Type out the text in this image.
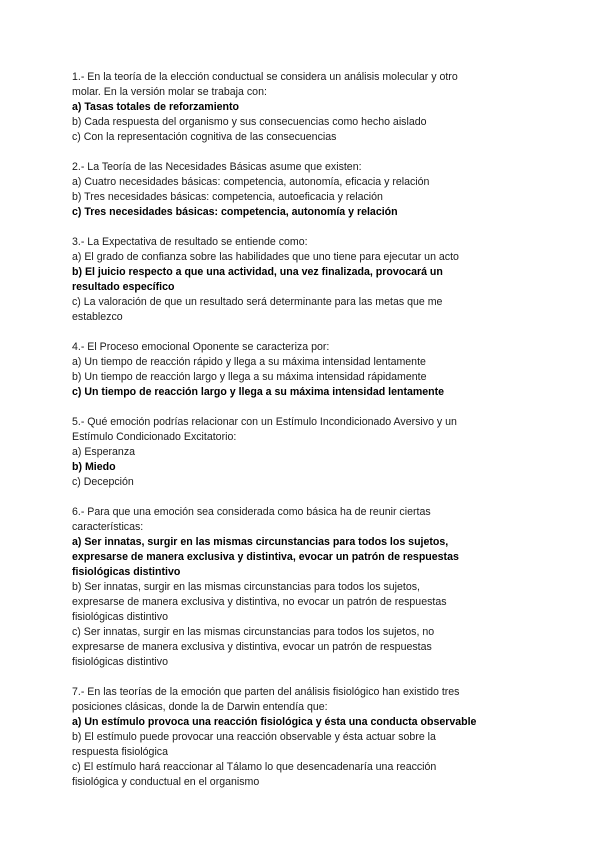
1.- En la teoría de la elección conductual se considera un análisis molecular y otro
molar. En la versión molar se trabaja con:
a) Tasas totales de reforzamiento
b) Cada respuesta del organismo y sus consecuencias como hecho aislado
c) Con la representación cognitiva de las consecuencias
2.- La Teoría de las Necesidades Básicas asume que existen:
a) Cuatro necesidades básicas: competencia, autonomía, eficacia y relación
b) Tres necesidades básicas: competencia, autoeficacia y relación
c) Tres necesidades básicas: competencia, autonomía y relación
3.- La Expectativa de resultado se entiende como:
a) El grado de confianza sobre las habilidades que uno tiene para ejecutar un acto
b) El juicio respecto a que una actividad, una vez finalizada, provocará un
resultado específico
c) La valoración de que un resultado será determinante para las metas que me
establezco
4.- El Proceso emocional Oponente se caracteriza por:
a) Un tiempo de reacción rápido y llega a su máxima intensidad lentamente
b) Un tiempo de reacción largo y llega a su máxima intensidad rápidamente
c) Un tiempo de reacción largo y llega a su máxima intensidad lentamente
5.- Qué emoción podrías relacionar con un Estímulo Incondicionado Aversivo y un
Estímulo Condicionado Excitatorio:
a) Esperanza
b) Miedo
c) Decepción
6.- Para que una emoción sea considerada como básica ha de reunir ciertas
características:
a) Ser innatas, surgir en las mismas circunstancias para todos los sujetos,
expresarse de manera exclusiva y distintiva, evocar un patrón de respuestas
fisiológicas distintivo
b) Ser innatas, surgir en las mismas circunstancias para todos los sujetos,
expresarse de manera exclusiva y distintiva, no evocar un patrón de respuestas
fisiológicas distintivo
c) Ser innatas, surgir en las mismas circunstancias para todos los sujetos, no
expresarse de manera exclusiva y distintiva, evocar un patrón de respuestas
fisiológicas distintivo
7.- En las teorías de la emoción que parten del análisis fisiológico han existido tres
posiciones clásicas, donde la de Darwin entendía que:
a) Un estímulo provoca una reacción fisiológica y ésta una conducta observable
b) El estímulo puede provocar una reacción observable y ésta actuar sobre la
respuesta fisiológica
c) El estímulo hará reaccionar al Tálamo lo que desencadenaría una reacción
fisiológica y conductual en el organismo
